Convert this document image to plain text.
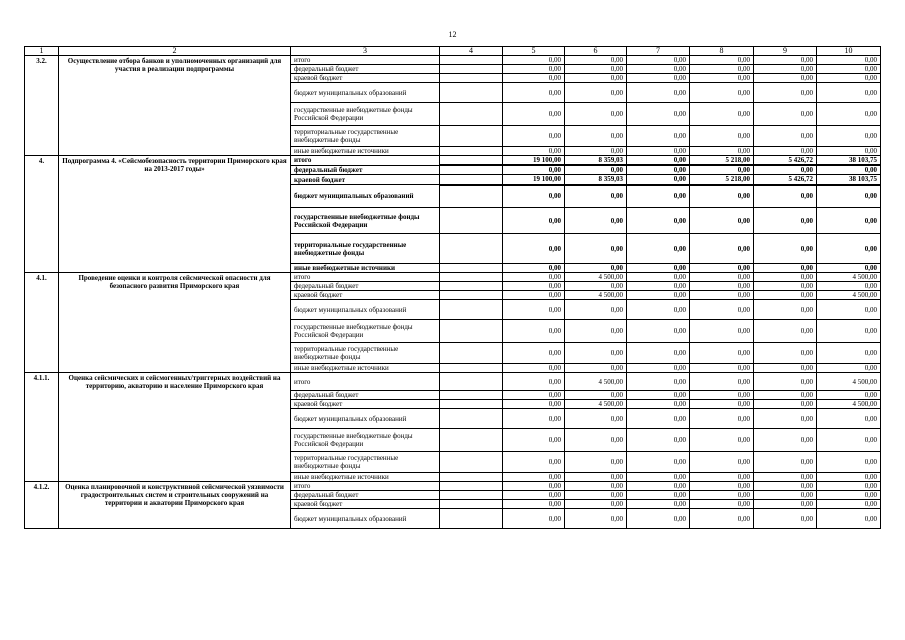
12
1	2	3	4	5	6	7	8	9	10
3.2.	Осуществление отбора банков и уполномоченных организаций для участия в реализации подпрограммы	итого		0,00	0,00	0,00	0,00	0,00	0,00
		федеральный бюджет		0,00	0,00	0,00	0,00	0,00	0,00
		краевой бюджет		0,00	0,00	0,00	0,00	0,00	0,00
		бюджет муниципальных образований		0,00	0,00	0,00	0,00	0,00	0,00
		государственные внебюджетные фонды Российской Федерации		0,00	0,00	0,00	0,00	0,00	0,00
		территориальные государственные внебюджетные фонды		0,00	0,00	0,00	0,00	0,00	0,00
		иные внебюджетные источники		0,00	0,00	0,00	0,00	0,00	0,00
4.	Подпрограмма 4. «Сейсмобезопасность территории Приморского края на 2013-2017 годы»	итого		19 100,00	8 359,03	0,00	5 218,00	5 426,72	38 103,75
		федеральный бюджет		0,00	0,00	0,00	0,00	0,00	0,00
		краевой бюджет		19 100,00	8 359,03	0,00	5 218,00	5 426,72	38 103,75
		бюджет муниципальных образований		0,00	0,00	0,00	0,00	0,00	0,00
		государственные внебюджетные фонды Российской Федерации		0,00	0,00	0,00	0,00	0,00	0,00
		территориальные государственные внебюджетные фонды		0,00	0,00	0,00	0,00	0,00	0,00
		иные внебюджетные источники		0,00	0,00	0,00	0,00	0,00	0,00
4.1.	Проведение оценки и контроля сейсмической опасности для безопасного развития Приморского края	итого		0,00	4 500,00	0,00	0,00	0,00	4 500,00
		федеральный бюджет		0,00	0,00	0,00	0,00	0,00	0,00
		краевой бюджет		0,00	4 500,00	0,00	0,00	0,00	4 500,00
		бюджет муниципальных образований		0,00	0,00	0,00	0,00	0,00	0,00
		государственные внебюджетные фонды Российской Федерации		0,00	0,00	0,00	0,00	0,00	0,00
		территориальные государственные внебюджетные фонды		0,00	0,00	0,00	0,00	0,00	0,00
		иные внебюджетные источники		0,00	0,00	0,00	0,00	0,00	0,00
4.1.1.	Оценка сейсмических и сейсмогенных/триггерных воздействий на территорию, акваторию и население Приморского края	итого		0,00	4 500,00	0,00	0,00	0,00	4 500,00
		федеральный бюджет		0,00	0,00	0,00	0,00	0,00	0,00
		краевой бюджет		0,00	4 500,00	0,00	0,00	0,00	4 500,00
		бюджет муниципальных образований		0,00	0,00	0,00	0,00	0,00	0,00
		государственные внебюджетные фонды Российской Федерации		0,00	0,00	0,00	0,00	0,00	0,00
		территориальные государственные внебюджетные фонды		0,00	0,00	0,00	0,00	0,00	0,00
		иные внебюджетные источники		0,00	0,00	0,00	0,00	0,00	0,00
4.1.2.	Оценка планировочной и конструктивной сейсмической уязвимости градостроительных систем и строительных сооружений на территории и акватории Приморского края	итого		0,00	0,00	0,00	0,00	0,00	0,00
		федеральный бюджет		0,00	0,00	0,00	0,00	0,00	0,00
		краевой бюджет		0,00	0,00	0,00	0,00	0,00	0,00
		бюджет муниципальных образований		0,00	0,00	0,00	0,00	0,00	0,00
